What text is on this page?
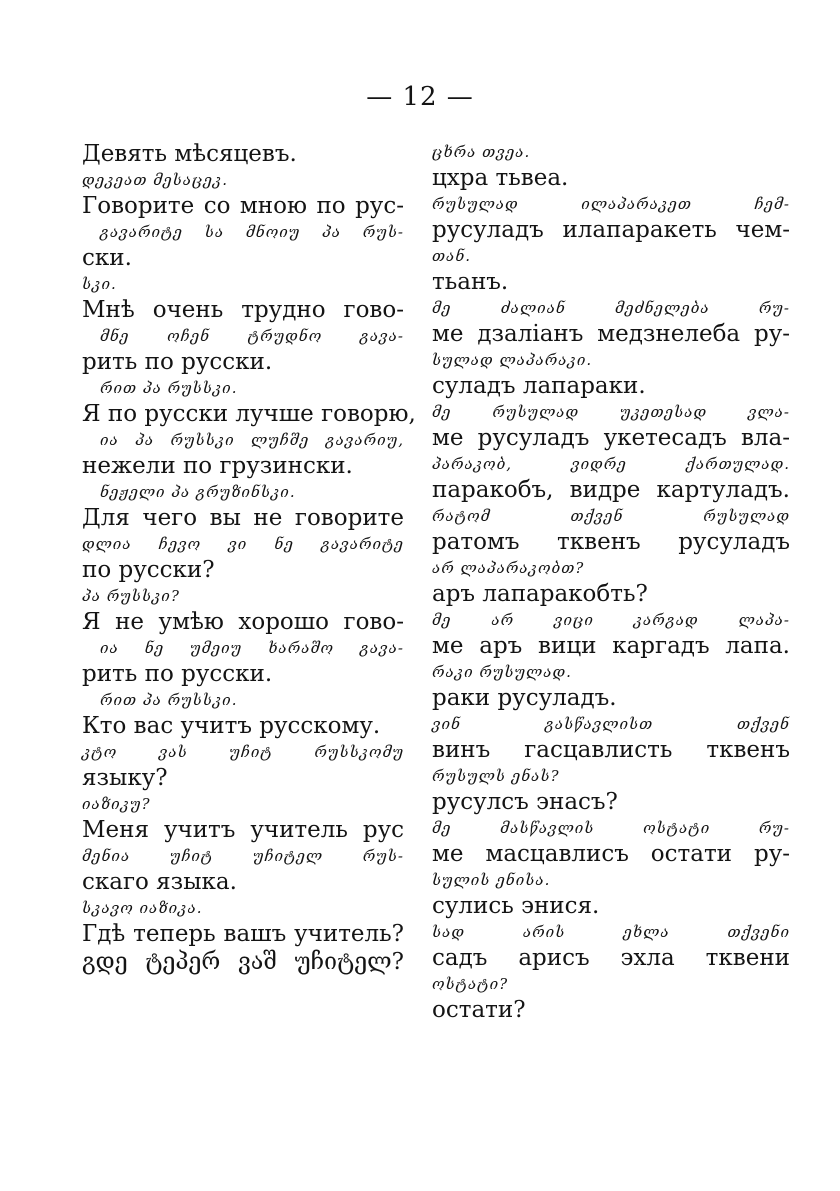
— 12 —
Девять мѣсяцевъ.
დეკეათ მესაცეკ.
Говорите со мною по рус-
გავარიტე სა მნოიუ პა რუს-
ски.
სკი.
Мнѣ очень трудно гово-
მნე ოჩენ ტრუდნო გავა-
рить по русски.
რით პა რუსსკი.
Я по русски лучше говорю,
ია პა რუსსკი ლუჩშე გავარიუ,
нежели по грузински.
ნეჟელი პა გრუზინსკი.
Для чего вы не говорите
დლია ჩევო ვი ნე გავარიტე
по русски?
პა რუსსკი?
Я не умѣю хорошо гово-
ია ნე უმეიუ ხარაშო გავა-
рить по русски.
რით პა რუსსკი.
Кто вас учитъ русскому.
კტო ვას უჩიტ რუსსკომუ
языку?
იაზიკუ?
Меня учитъ учитель рус
მენია უჩიტ უჩიტელ რუს-
скаго языка.
სკავო იაზიკა.
Гдѣ теперь вашъ учитель?
გდე ტეპერ ვაშ უჩიტელ?
ცხრა თვეა.
цхра тьвеа.
რუსულად ილაპარაკეთ ჩემ-
русуладъ илапаракеть чем-
თან.
тьанъ.
მე ძალიან მეძნელება რუ-
ме дзаліанъ медзнелеба ру-
სულად ლაპარაკი.
суладъ лапараки.
მე რუსულად უკეთესად ვლა-
ме русуладъ укетесадъ вла-
პარაკობ, ვიდრე ქართულად.
паракобъ, видре картуладъ.
რატომ თქვენ რუსულად
ратомъ тквенъ русуладъ
არ ლაპარაკობთ?
аръ лапаракобть?
მე არ ვიცი კარგად ლაპა-
ме аръ вици каргадъ лапа.
რაკი რუსულად.
раки русуладъ.
ვინ გასწავლისთ თქვენ
винъ гасцавлисть тквенъ
რუსულს ენას?
русулсъ энасъ?
მე მასწავლის ოსტატი რუ-
ме масцавлисъ остати ру-
სულის ენისა.
сулись энися.
სად არის ეხლა თქვენი
садъ арисъ эхла тквени
ოსტატი?
остати?
